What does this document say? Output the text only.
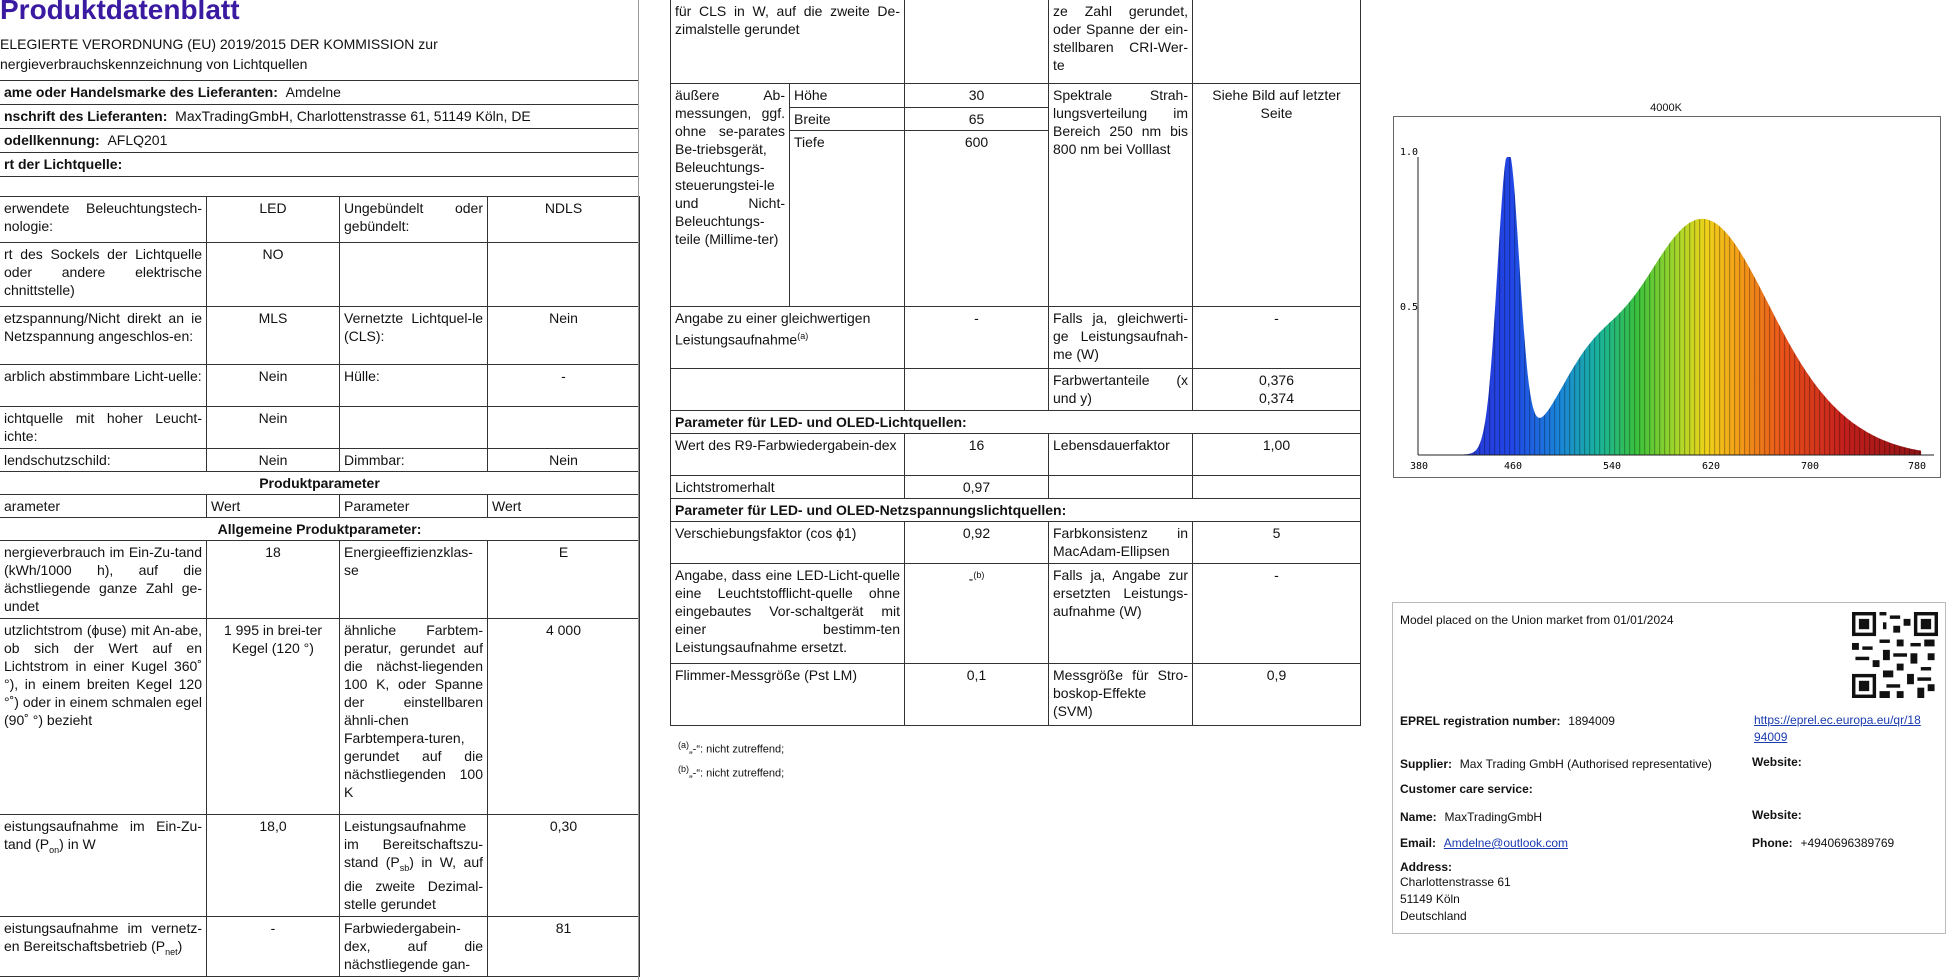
Produktdatenblatt
ELEGIERTE VERORDNUNG (EU) 2019/2015 DER KOMMISSION zur
nergieverbrauchskennzeichnung von Lichtquellen
ame oder Handelsmarke des Lieferanten: Amdelne
nschrift des Lieferanten: MaxTradingGmbH, Charlottenstrasse 61, 51149 Köln, DE
odellkennung: AFLQ201
rt der Lichtquelle:
erwendete Beleuchtungstech-nologie:	LED	Ungebündelt oder gebündelt:	NDLS
rt des Sockels der Lichtquelle oder andere elektrische chnittstelle)	NO		
etzspannung/Nicht direkt an ie Netzspannung angeschlos-en:	MLS	Vernetzte Lichtquel-le (CLS):	Nein
arblich abstimmbare Licht-uelle:	Nein	Hülle:	-
ichtquelle mit hoher Leucht-ichte:	Nein		
lendschutzschild:	Nein	Dimmbar:	Nein
Produktparameter			
arameter	Wert	Parameter	Wert
Allgemeine Produktparameter:			
nergieverbrauch im Ein-Zu-tand (kWh/1000 h), auf die ächstliegende ganze Zahl ge-undet	18	Energieeffizienzklas-se	E
utzlichtstrom (ϕuse) mit An-abe, ob sich der Wert auf en Lichtstrom in einer Kugel 360˚ °), in einem breiten Kegel 120 °˚) oder in einem schmalen egel (90˚ °) bezieht	1 995 in brei-ter Kegel (120 °)	ähnliche Farbtem-peratur, gerundet auf die nächst-liegenden 100 K, oder Spanne der einstellbaren ähnli-chen Farbtempera-turen, gerundet auf die nächstliegenden 100 K	4 000
eistungsaufnahme im Ein-Zu-tand $(P_{on})$ in W	18,0	Leistungsaufnahme im Bereitschaftszu-stand $(P_{sb})$ in W, auf die zweite Dezimal-stelle gerundet	0,30
eistungsaufnahme im vernetz-en Bereitschaftsbetrieb $(P_{net})$	-	Farbwiedergabein-dex, auf die nächstliegende gan-	81
für CLS in W, auf die zweite De-zimalstelle gerundet			ze Zahl gerundet, oder Spanne der ein-stellbaren CRI-Wer-te	
äußere Ab-messungen, ggf. ohne se-parates Be-triebsgerät, Beleuchtungs-steuerungstei-le und Nicht-Beleuchtungs-teile (Millime-ter)	Höhe	30	Spektrale Strah-lungsverteilung im Bereich 250 nm bis 800 nm bei Volllast	Siehe Bild auf letzter Seite
	Breite	65		
	Tiefe	600		
Angabe zu einer gleichwertigen Leistungsaufnahme$^{(a)}$		-	Falls ja, gleichwerti-ge Leistungsaufnah-me (W)	-
			Farbwertanteile (x und y)	0,376
0,374

Parameter für LED- und OLED-Lichtquellen:				
Wert des R9-Farbwiedergabein-dex		16	Lebensdauerfaktor	1,00
Lichtstromerhalt		0,97		
Parameter für LED- und OLED-Netzspannungslichtquellen:				
Verschiebungsfaktor (cos ϕ1)		0,92	Farbkonsistenz in MacAdam-Ellipsen	5
Angabe, dass eine LED-Licht-quelle eine Leuchtstofflicht-quelle ohne eingebautes Vor-schaltgerät mit einer bestimm-ten Leistungsaufnahme ersetzt.		-$^{(b)}$	Falls ja, Angabe zur ersetzten Leistungs-aufnahme (W)	-
Flimmer-Messgröße (Pst LM)		0,1	Messgröße für Stro-boskop-Effekte (SVM)	0,9
$^{(a)}$„-“: nicht zutreffend;
$^{(b)}$„-“: nicht zutreffend;
1.0
0.5
380	460	540	620	700	780
4000K
Model placed on the Union market from 01/01/2024
EPREL registration number: 1894009	https://eprel.ec.europa.eu/qr/18
94009
Supplier: Max Trading GmbH (Authorised representative)	Website:
Customer care service:
Name: MaxTradingGmbH	Website:
Email: Amdelne@outlook.com	Phone: +4940696389769
Address:
Charlottenstrasse 61
51149 Köln
Deutschland
